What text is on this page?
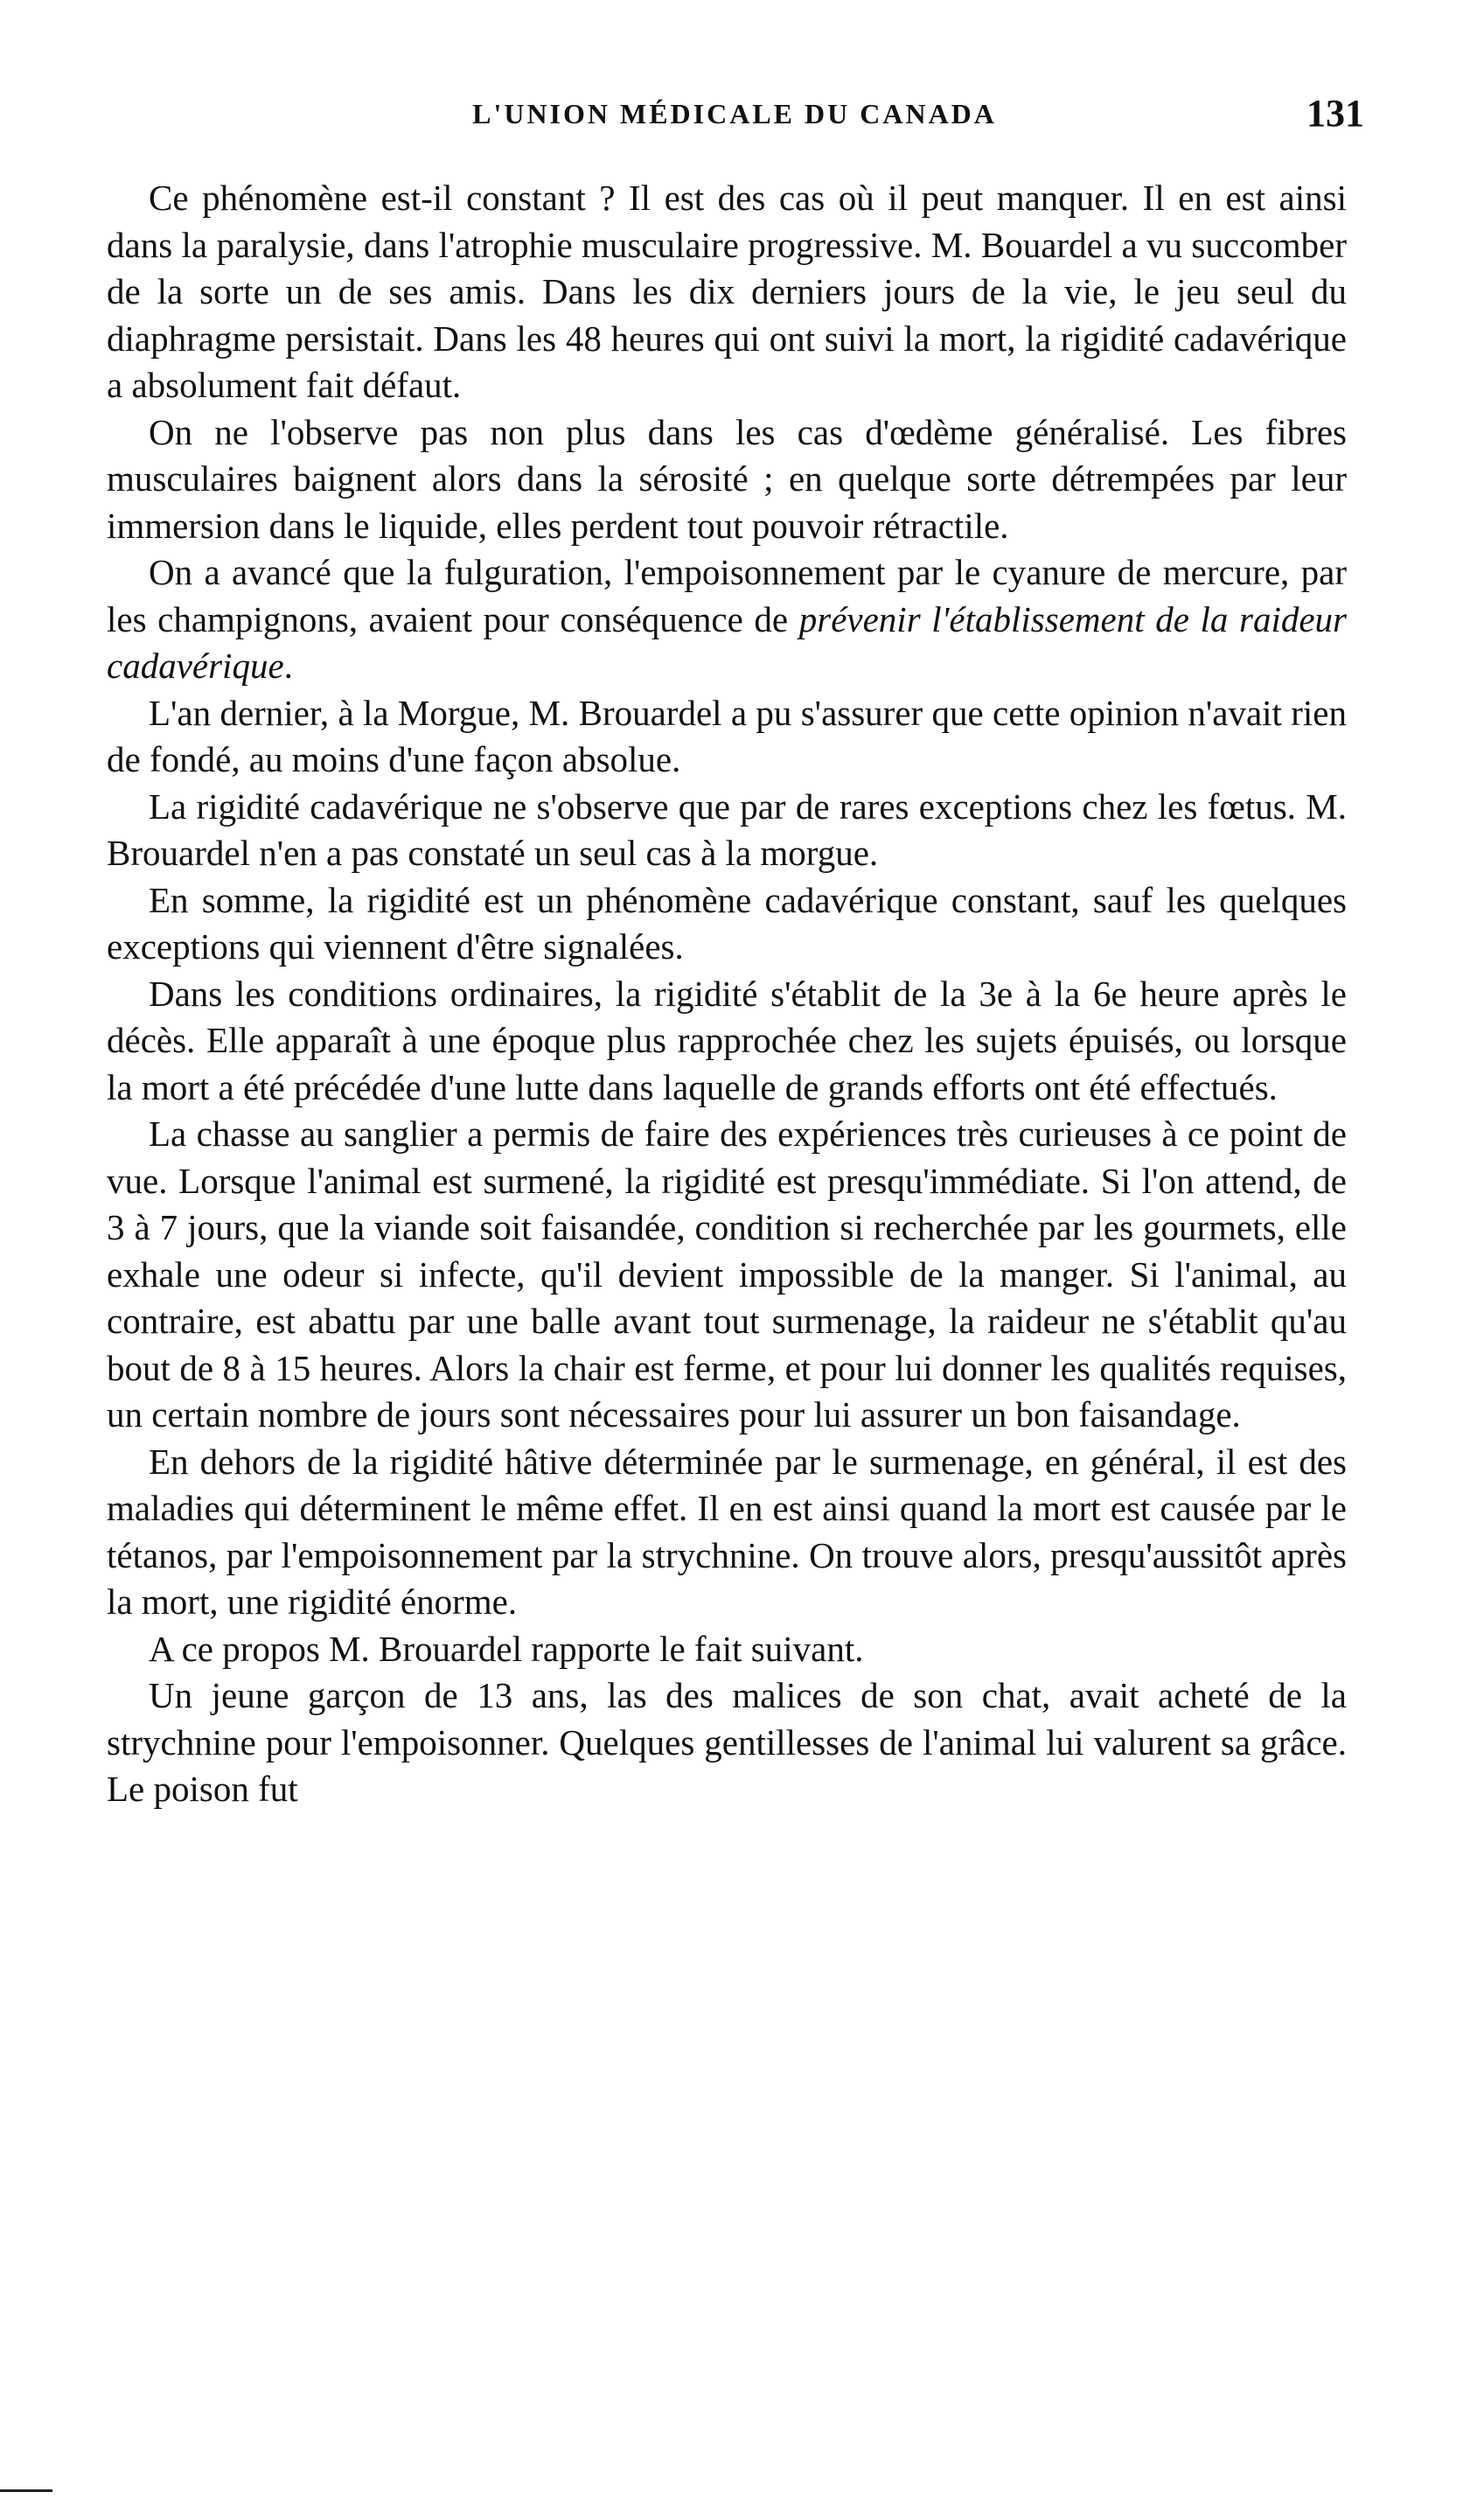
L'UNION MÉDICALE DU CANADA	131

Ce phénomène est-il constant ? Il est des cas où il peut manquer. Il en est ainsi dans la paralysie, dans l'atrophie musculaire progressive. M. Bouardel a vu succomber de la sorte un de ses amis. Dans les dix derniers jours de la vie, le jeu seul du diaphragme persistait. Dans les 48 heures qui ont suivi la mort, la rigidité cadavérique a absolument fait défaut.

On ne l'observe pas non plus dans les cas d'œdème généralisé. Les fibres musculaires baignent alors dans la sérosité ; en quelque sorte détrempées par leur immersion dans le liquide, elles perdent tout pouvoir rétractile.

On a avancé que la fulguration, l'empoisonnement par le cyanure de mercure, par les champignons, avaient pour conséquence de prévenir l'établissement de la raideur cadavérique.

L'an dernier, à la Morgue, M. Brouardel a pu s'assurer que cette opinion n'avait rien de fondé, au moins d'une façon absolue.

La rigidité cadavérique ne s'observe que par de rares exceptions chez les fœtus. M. Brouardel n'en a pas constaté un seul cas à la morgue.

En somme, la rigidité est un phénomène cadavérique constant, sauf les quelques exceptions qui viennent d'être signalées.

Dans les conditions ordinaires, la rigidité s'établit de la 3e à la 6e heure après le décès. Elle apparaît à une époque plus rapprochée chez les sujets épuisés, ou lorsque la mort a été précédée d'une lutte dans laquelle de grands efforts ont été effectués.

La chasse au sanglier a permis de faire des expériences très curieuses à ce point de vue. Lorsque l'animal est surmené, la rigidité est presqu'immédiate. Si l'on attend, de 3 à 7 jours, que la viande soit faisandée, condition si recherchée par les gourmets, elle exhale une odeur si infecte, qu'il devient impossible de la manger. Si l'animal, au contraire, est abattu par une balle avant tout surmenage, la raideur ne s'établit qu'au bout de 8 à 15 heures. Alors la chair est ferme, et pour lui donner les qualités requises, un certain nombre de jours sont nécessaires pour lui assurer un bon faisandage.

En dehors de la rigidité hâtive déterminée par le surmenage, en général, il est des maladies qui déterminent le même effet. Il en est ainsi quand la mort est causée par le tétanos, par l'empoisonnement par la strychnine. On trouve alors, presqu'aussitôt après la mort, une rigidité énorme.

A ce propos M. Brouardel rapporte le fait suivant.

Un jeune garçon de 13 ans, las des malices de son chat, avait acheté de la strychnine pour l'empoisonner. Quelques gentillesses de l'animal lui valurent sa grâce. Le poison fut
